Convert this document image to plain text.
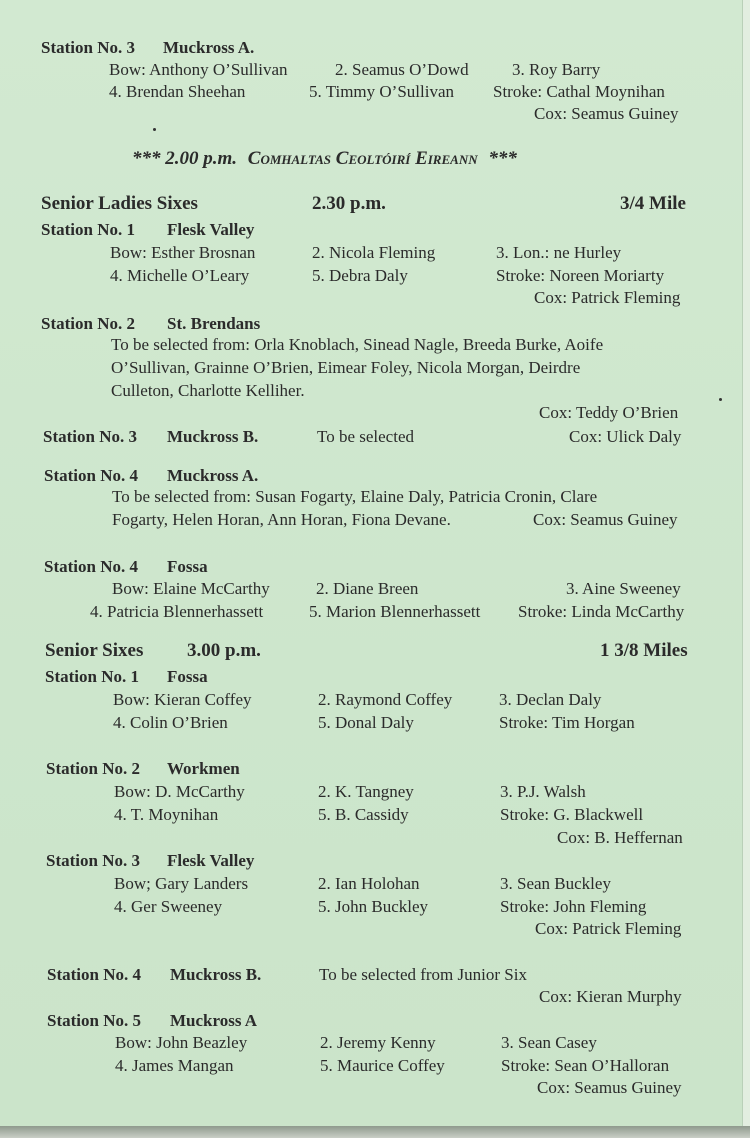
Station No. 3 Muckross A.
Bow: Anthony O’Sullivan	2. Seamus O’Dowd	3. Roy Barry
4. Brendan Sheehan	5. Timmy O’Sullivan Stroke: Cathal Moynihan
Cox: Seamus Guiney
*** 2.00 p.m. Comhaltas Ceoltóirí Eireann ***
Senior Ladies Sixes	2.30 p.m.	3/4 Mile
Station No. 1 Flesk Valley
Bow: Esther Brosnan	2. Nicola Fleming	3. Lon.: ne Hurley
4. Michelle O’Leary	5. Debra Daly	Stroke: Noreen Moriarty
Cox: Patrick Fleming
Station No. 2 St. Brendans
To be selected from: Orla Knoblach, Sinead Nagle, Breeda Burke, Aoife
O’Sullivan, Grainne O’Brien, Eimear Foley, Nicola Morgan, Deirdre
Culleton, Charlotte Kelliher.
Cox: Teddy O’Brien
Station No. 3 Muckross B.	To be selected	Cox: Ulick Daly
Station No. 4 Muckross A.
To be selected from: Susan Fogarty, Elaine Daly, Patricia Cronin, Clare
Fogarty, Helen Horan, Ann Horan, Fiona Devane.	Cox: Seamus Guiney
Station No. 4 Fossa
Bow: Elaine McCarthy	2. Diane Breen	3. Aine Sweeney
4. Patricia Blennerhassett	5. Marion Blennerhassett Stroke: Linda McCarthy
Senior Sixes 3.00 p.m.	1 3/8 Miles
Station No. 1 Fossa
Bow: Kieran Coffey	2. Raymond Coffey	3. Declan Daly
4. Colin O’Brien	5. Donal Daly	Stroke: Tim Horgan
Station No. 2 Workmen
Bow: D. McCarthy	2. K. Tangney	3. P.J. Walsh
4. T. Moynihan	5. B. Cassidy	Stroke: G. Blackwell
Cox: B. Heffernan
Station No. 3 Flesk Valley
Bow; Gary Landers	2. Ian Holohan	3. Sean Buckley
4. Ger Sweeney	5. John Buckley	Stroke: John Fleming
Cox: Patrick Fleming
Station No. 4 Muckross B.	To be selected from Junior Six
Cox: Kieran Murphy
Station No. 5 Muckross A
Bow: John Beazley	2. Jeremy Kenny	3. Sean Casey
4. James Mangan	5. Maurice Coffey	Stroke: Sean O’Halloran
Cox: Seamus Guiney
